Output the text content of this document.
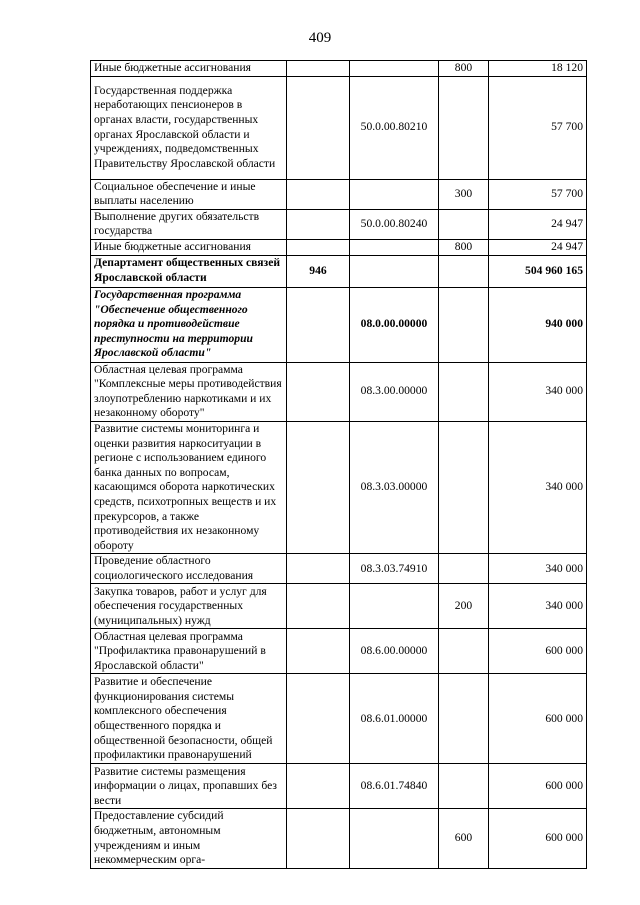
409
Иные бюджетные ассигнования			800	18 120
Государственная поддержка неработающих пенсионеров в органах власти, государственных органах Ярославской области и учреждениях, подведомственных Правительству Ярославской области		50.0.00.80210		57 700
Социальное обеспечение и иные выплаты населению			300	57 700
Выполнение других обязательств государства		50.0.00.80240		24 947
Иные бюджетные ассигнования			800	24 947
Департамент общественных связей Ярославской области	946			504 960 165
Государственная программа "Обеспечение общественного порядка и противодействие преступности на территории Ярославской области"		08.0.00.00000		940 000
Областная целевая программа "Комплексные меры противодействия злоупотреблению наркотиками и их незаконному обороту"		08.3.00.00000		340 000
Развитие системы мониторинга и оценки развития наркоситуации в регионе с использованием единого банка данных по вопросам, касающимся оборота наркотических средств, психотропных веществ и их прекурсоров, а также противодействия их незаконному обороту		08.3.03.00000		340 000
Проведение областного социологического исследования		08.3.03.74910		340 000
Закупка товаров, работ и услуг для обеспечения государственных (муниципальных) нужд			200	340 000
Областная целевая программа "Профилактика правонарушений в Ярославской области"		08.6.00.00000		600 000
Развитие и обеспечение функционирования системы комплексного обеспечения общественного порядка и общественной безопасности, общей профилактики правонарушений		08.6.01.00000		600 000
Развитие системы размещения информации о лицах, пропавших без вести		08.6.01.74840		600 000
Предоставление субсидий бюджетным, автономным учреждениям и иным некоммерческим орга-			600	600 000
